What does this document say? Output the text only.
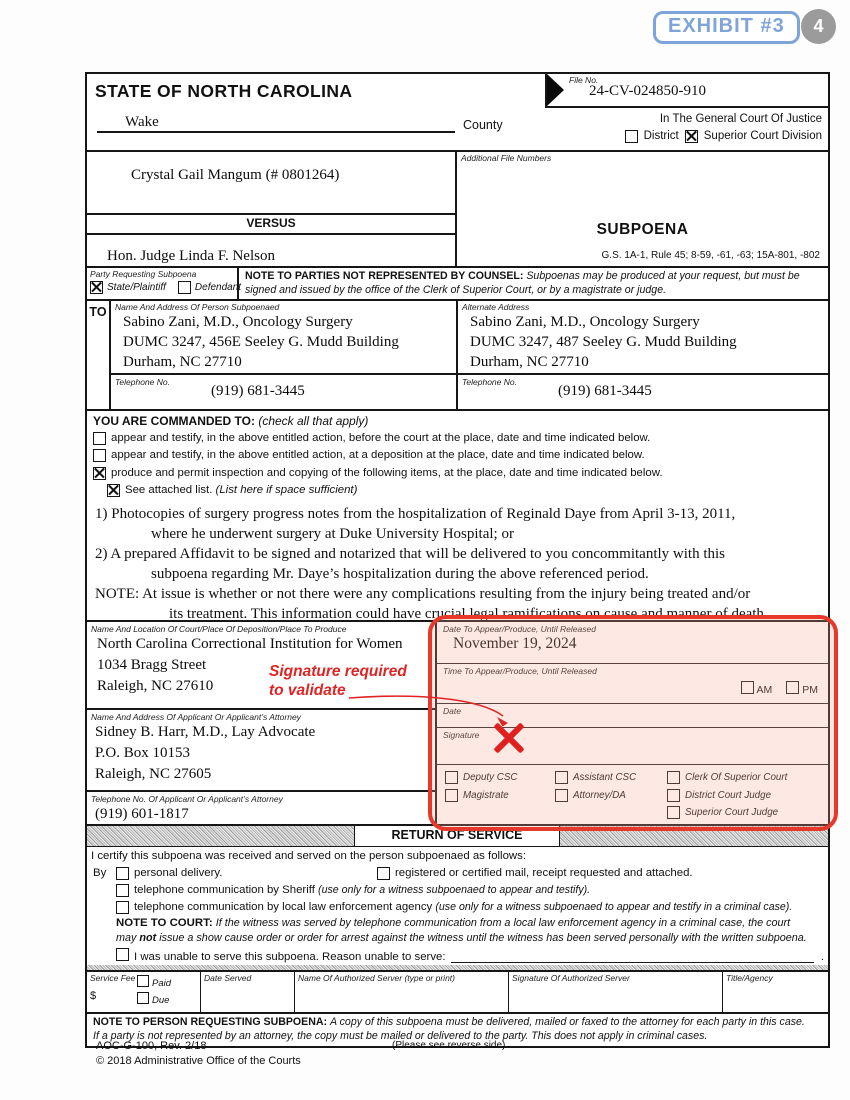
EXHIBIT #3	4
STATE OF NORTH CAROLINA
Wake	County
File No.
24-CV-024850-910
In The General Court Of Justice
District Superior Court Division
Crystal Gail Mangum (# 0801264)
VERSUS
Hon. Judge Linda F. Nelson
Additional File Numbers
SUBPOENA
G.S. 1A-1, Rule 45; 8-59, -61, -63; 15A-801, -802
Party Requesting Subpoena
State/Plaintiff	Defendant
NOTE TO PARTIES NOT REPRESENTED BY COUNSEL: Subpoenas may be produced at your request, but must be signed and issued by the office of the Clerk of Superior Court, or by a magistrate or judge.
TO Name And Address Of Person Subpoenaed
Sabino Zani, M.D., Oncology Surgery
DUMC 3247, 456E Seeley G. Mudd Building
Durham, NC 27710
Telephone No.
(919) 681-3445
Alternate Address
Sabino Zani, M.D., Oncology Surgery
DUMC 3247, 487 Seeley G. Mudd Building
Durham, NC 27710
Telephone No.
(919) 681-3445
YOU ARE COMMANDED TO: (check all that apply)
appear and testify, in the above entitled action, before the court at the place, date and time indicated below.
appear and testify, in the above entitled action, at a deposition at the place, date and time indicated below.
produce and permit inspection and copying of the following items, at the place, date and time indicated below.
See attached list. (List here if space sufficient)
1) Photocopies of surgery progress notes from the hospitalization of Reginald Daye from April 3-13, 2011,
where he underwent surgery at Duke University Hospital; or
2) A prepared Affidavit to be signed and notarized that will be delivered to you concommitantly with this
subpoena regarding Mr. Daye’s hospitalization during the above referenced period.
NOTE: At issue is whether or not there were any complications resulting from the injury being treated and/or
its treatment. This information could have crucial legal ramifications on cause and manner of death.
Name And Location Of Court/Place Of Deposition/Place To Produce
North Carolina Correctional Institution for Women
1034 Bragg Street
Raleigh, NC 27610
Name And Address Of Applicant Or Applicant’s Attorney
Sidney B. Harr, M.D., Lay Advocate
P.O. Box 10153
Raleigh, NC 27605
Telephone No. Of Applicant Or Applicant’s Attorney
(919) 601-1817
Date To Appear/Produce, Until Released
November 19, 2024
Time To Appear/Produce, Until Released
AM	PM
Date
Signature
Deputy CSC	Assistant CSC	Clerk Of Superior Court
Magistrate	Attorney/DA	District Court Judge
Superior Court Judge
Signature required
to validate
RETURN OF SERVICE
I certify this subpoena was received and served on the person subpoenaed as follows:
By	personal delivery.	registered or certified mail, receipt requested and attached.
telephone communication by Sheriff (use only for a witness subpoenaed to appear and testify).
telephone communication by local law enforcement agency (use only for a witness subpoenaed to appear and testify in a criminal case).
NOTE TO COURT: If the witness was served by telephone communication from a local law enforcement agency in a criminal case, the court may not issue a show cause order or order for arrest against the witness until the witness has been served personally with the written subpoena.
I was unable to serve this subpoena. Reason unable to serve:	.
Service Fee
$
Paid
Due
Date Served	Name Of Authorized Server (type or print)	Signature Of Authorized Server	Title/Agency
NOTE TO PERSON REQUESTING SUBPOENA: A copy of this subpoena must be delivered, mailed or faxed to the attorney for each party in this case.
If a party is not represented by an attorney, the copy must be mailed or delivered to the party. This does not apply in criminal cases.
AOC-G-100, Rev. 2/18	(Please see reverse side)
© 2018 Administrative Office of the Courts
